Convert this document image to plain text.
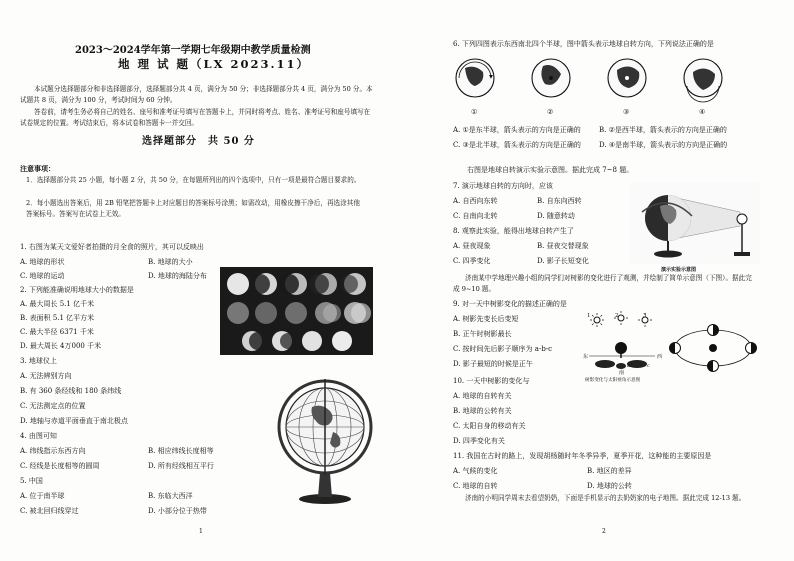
2023～2024学年第一学期七年级期中教学质量检测
地 理 试 题（LX 2023.11）
本试题分选择题部分和非选择题部分，选择题部分共 4 页，满分为 50 分；非选择题部分共 4 页，满分为 50 分。本试题共 8 页，满分为 100 分，考试时间为 60 分钟。
答卷前，请考生务必将自己的姓名、座号和准考证号填写在答题卡上，并同时将考点、姓名、准考证号和座号填写在试卷规定的位置。考试结束后，将本试卷和答题卡一并交回。
选择题部分　共 50 分
注意事项：
1．选择题部分共 25 小题，每小题 2 分，共 50 分，在每题所列出的四个选项中，只有一项是最符合题目要求的。
2．每小题选出答案后，用 2B 铅笔把答题卡上对应题目的答案标号涂黑；如需改动，用橡皮擦干净后，再选涂其他答案标号。答案写在试卷上无效。
1. 右图为某天文爱好者拍摄的月全食的照片，其可以反映出
A. 地球的形状	B. 地球的大小
C. 地球的运动	D. 地球的海陆分布
2. 下列能准确说明地球大小的数据是
A. 最大周长 5.1 亿千米
B. 表面积 5.1 亿平方米
C. 最大半径 6371 千米
D. 最大周长 4万000 千米
3. 地球仪上
A. 无法辨别方向
B. 有 360 条经线和 180 条纬线
C. 无法测定点的位置
D. 地轴与赤道平面垂直于南北极点
4. 由图可知
A. 纬线指示东西方向	B. 相应纬线长度相等
C. 经线是长度相等的圆周	D. 所有经线相互平行
5. 中国
A. 位于南半球	B. 东临大西洋
C. 被北回归线穿过	D. 小部分位于热带
1
6. 下列四图表示东西南北四个半球，图中箭头表示地球自转方向，下列说法正确的是
①	②	③	④
A. ①是东半球，箭头表示的方向是正确的	B. ②是西半球，箭头表示的方向是正确的
C. ③是北半球，箭头表示的方向是正确的	D. ④是南半球，箭头表示的方向是正确的
右图是地球自转演示实验示意图。据此完成 7~8 题。
7. 演示地球自转的方向时，应该
A. 自西向东转	B. 自东向西转
C. 自南向北转	D. 随意转动
8. 观察此实验，能得出地球自转产生了
A. 昼夜现象	B. 昼夜交替现象
C. 四季变化	D. 影子长短变化
演示实验示意图
济南某中学地理兴趣小组的同学们对树影的变化进行了观测，并绘制了简单示意图（下图）。据此完成 9~10 题。
9. 对一天中树影变化的描述正确的是
A. 树影先变长后变短
B. 正午时树影最长
C. 按时间先后影子顺序为 a-b-c
D. 影子最短的时候是正午
1	2	3
东
南
西
a	b	c
树影变化与太阳视角示意图
10. 一天中树影的变化与
A. 地球的自转有关
B. 地球的公转有关
C. 太阳自身的移动有关
D. 四季变化有关
11. 我国在古时的路上，发现胡杨随时年冬季异季，夏季开花，这种能的主要原因是
A. 气候的变化	B. 地区的差异
C. 地球的自转	D. 地球的公转
济南的小明同学周末去看望奶奶，下面是手机显示的去奶奶家的电子地图。据此完成 12-13 题。
2
